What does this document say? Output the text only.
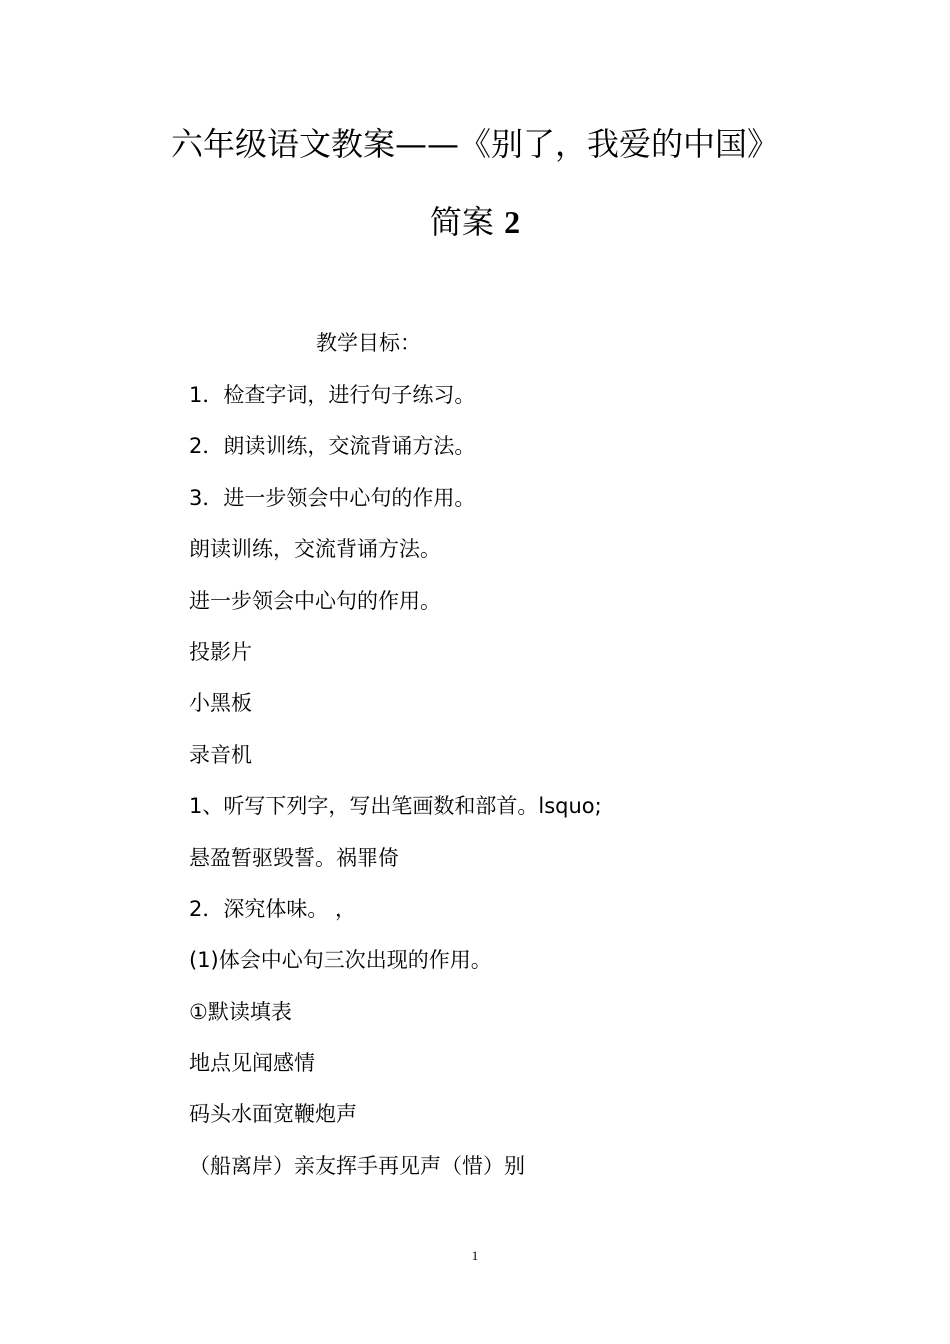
六年级语文教案——《别了，我爱的中国》
简案 2

教学目标：

1．检查字词，进行句子练习。
2．朗读训练，交流背诵方法。
3．进一步领会中心句的作用。
朗读训练，交流背诵方法。
进一步领会中心句的作用。
投影片
小黑板
录音机
1、听写下列字，写出笔画数和部首。lsquo;
悬盈暂驱毁誓。祸罪倚
2．深究体味。 ，
(1)体会中心句三次出现的作用。
①默读填表
地点见闻感情
码头水面宽鞭炮声
（船离岸）亲友挥手再见声（惜）别
1
